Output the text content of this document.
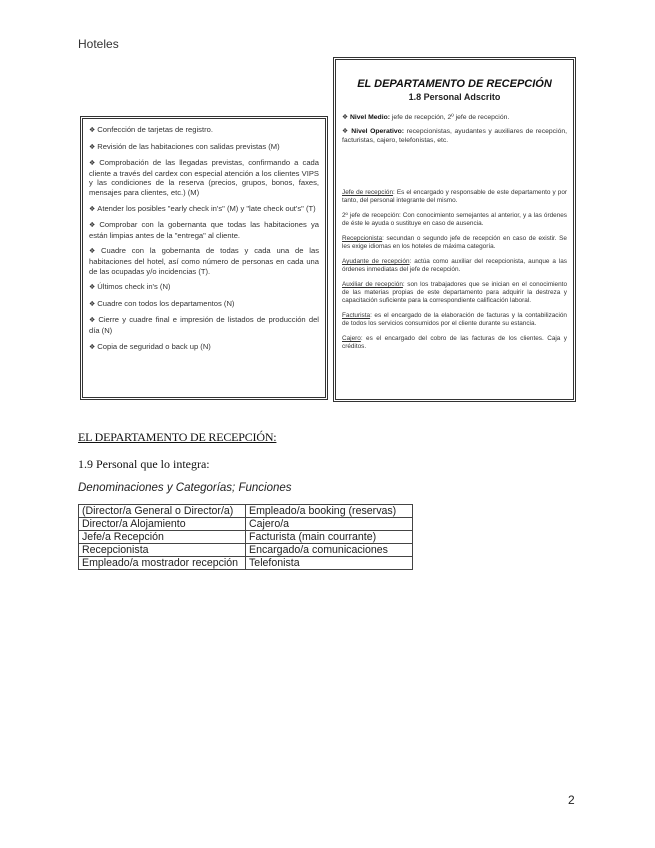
Hoteles
❖ Confección de tarjetas de registro.
❖ Revisión de las habitaciones con salidas previstas (M)
❖ Comprobación de las llegadas previstas, confirmando a cada cliente a través del cardex con especial atención a los clientes VIPS y las condiciones de la reserva (precios, grupos, bonos, faxes, mensajes para clientes, etc.) (M)
❖ Atender los posibles "early check in's" (M) y "late check out's" (T)
❖ Comprobar con la gobernanta que todas las habitaciones ya están limpias antes de la "entrega" al cliente.
❖ Cuadre con la gobernanta de todas y cada una de las habitaciones del hotel, así como número de personas en cada una de las ocupadas y/o incidencias (T).
❖ Últimos check in's (N)
❖ Cuadre con todos los departamentos (N)
❖ Cierre y cuadre final e impresión de listados de producción del día (N)
❖ Copia de seguridad o back up (N)
EL DEPARTAMENTO DE RECEPCIÓN
1.8 Personal Adscrito
❖ Nivel Medio: jefe de recepción, 2º jefe de recepción.
❖ Nivel Operativo: recepcionistas, ayudantes y auxiliares de recepción, facturistas, cajero, telefonistas, etc.
Jefe de recepción: Es el encargado y responsable de este departamento y por tanto, del personal integrante del mismo.
2º jefe de recepción: Con conocimiento semejantes al anterior, y a las órdenes de éste le ayuda o sustituye en caso de ausencia.
Recepcionista: secundan o segundo jefe de recepción en caso de existir. Se les exige idiomas en los hoteles de máxima categoría.
Ayudante de recepción: actúa como auxiliar del recepcionista, aunque a las órdenes inmediatas del jefe de recepción.
Auxiliar de recepción: son los trabajadores que se inician en el conocimiento de las materias propias de este departamento para adquirir la destreza y capacitación suficiente para la correspondiente calificación laboral.
Facturista: es el encargado de la elaboración de facturas y la contabilización de todos los servicios consumidos por el cliente durante su estancia.
Cajero: es el encargado del cobro de las facturas de los clientes. Caja y créditos.
EL DEPARTAMENTO DE RECEPCIÓN:
1.9 Personal que lo integra:
Denominaciones y Categorías; Funciones
(Director/a General o Director/a)	Empleado/a booking (reservas)
Director/a Alojamiento	Cajero/a
Jefe/a Recepción	Facturista (main courrante)
Recepcionista	Encargado/a comunicaciones
Empleado/a mostrador recepción	Telefonista
2
